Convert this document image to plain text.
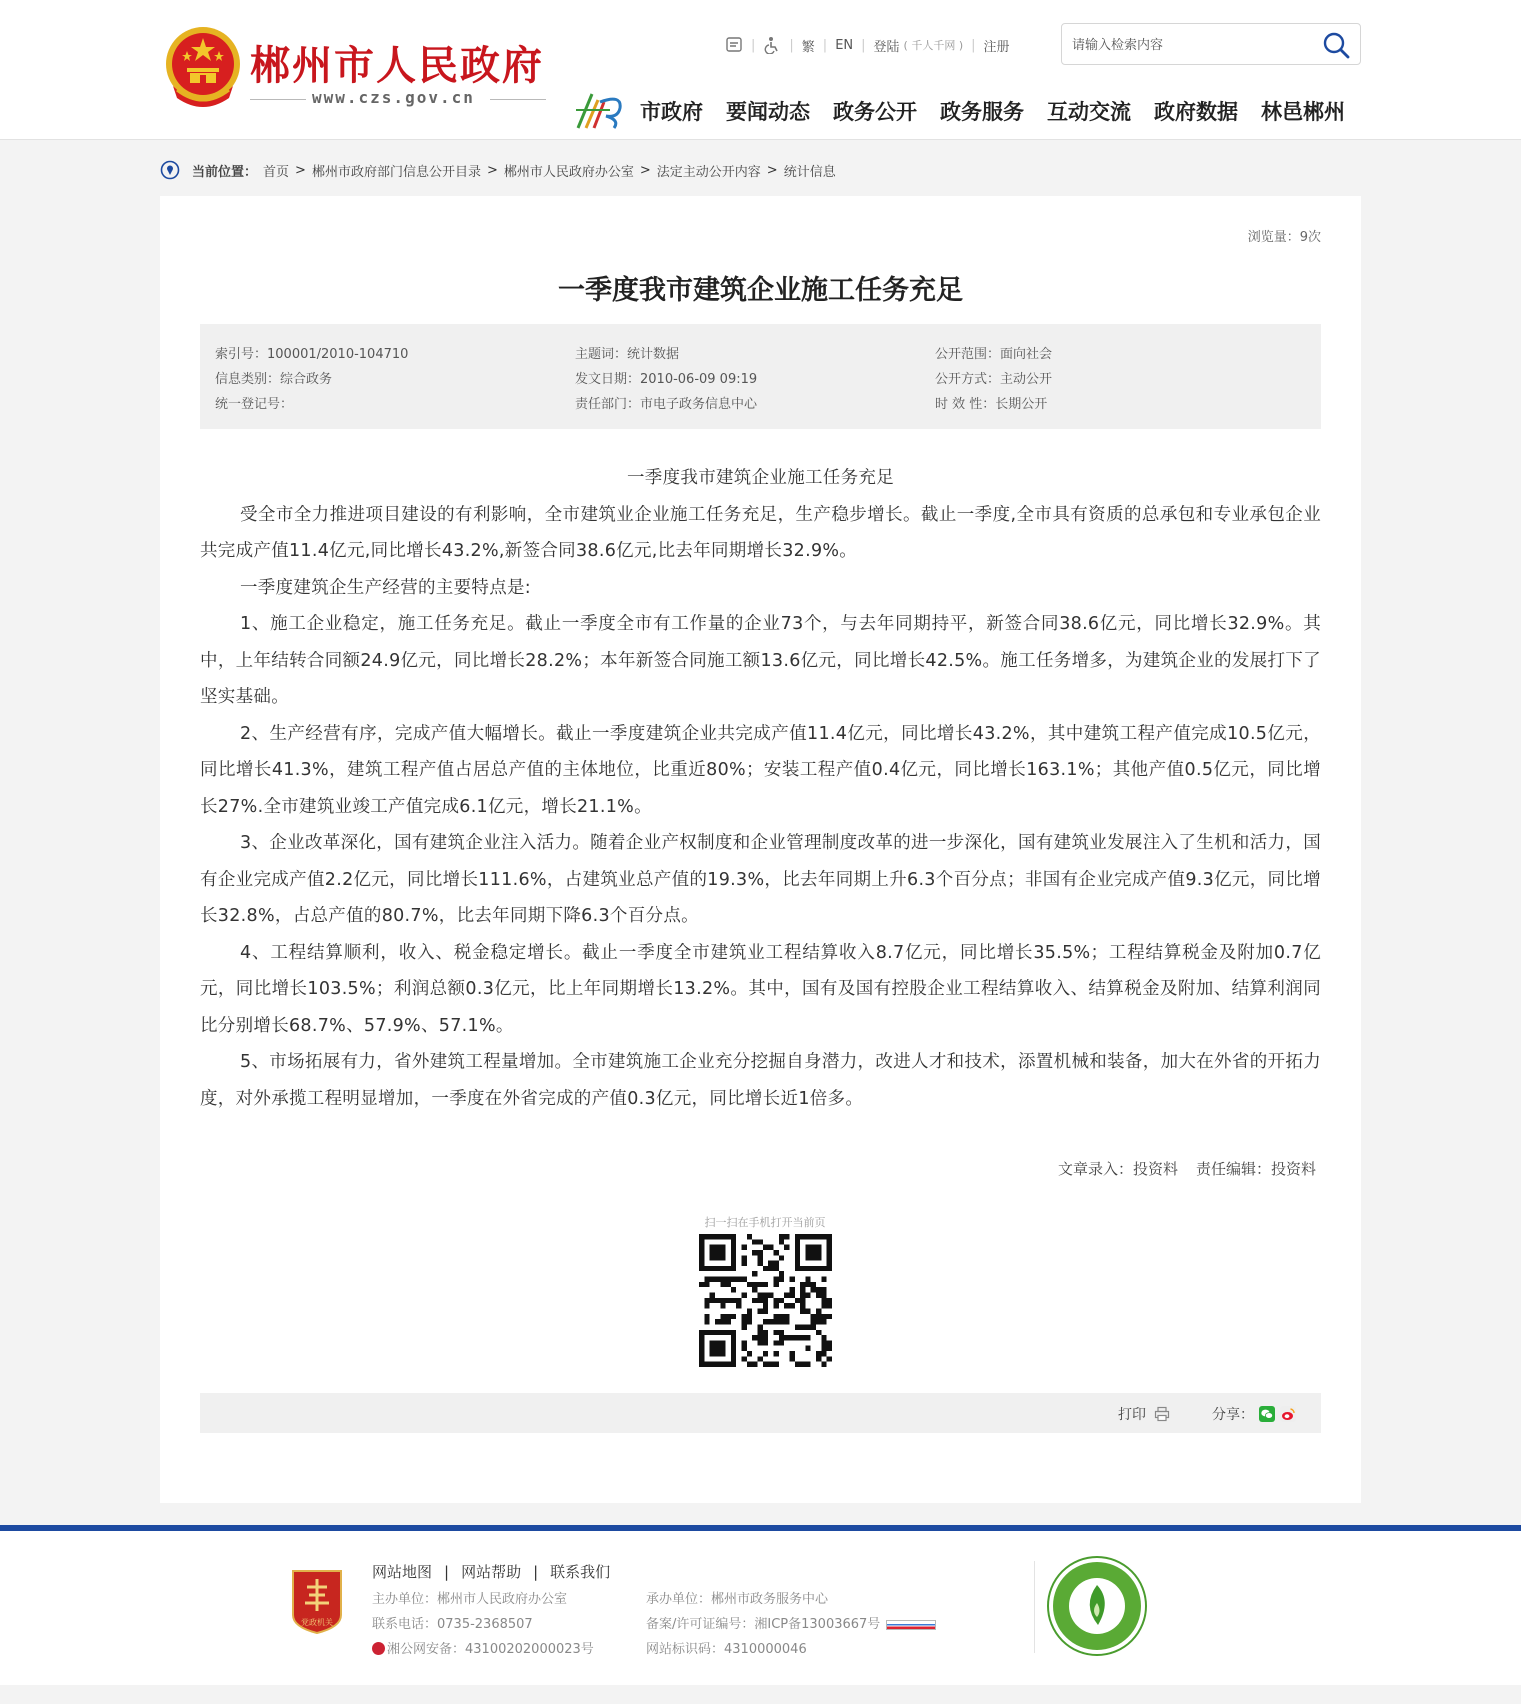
郴州市人民政府
www.czs.gov.cn
|	| 繁 | EN | 登陆 ( 千人千网 ) | 注册
请输入检索内容
市政府 要闻动态 政务公开 政务服务 互动交流 政府数据 林邑郴州
当前位置： 首页 > 郴州市政府部门信息公开目录 > 郴州市人民政府办公室 > 法定主动公开内容 > 统计信息
浏览量：9次
一季度我市建筑企业施工任务充足
索引号：100001/2010-104710
信息类别：综合政务
统一登记号：
主题词：统计数据
发文日期：2010-06-09 09:19
责任部门：市电子政务信息中心
公开范围：面向社会
公开方式：主动公开
时 效 性：长期公开
一季度我市建筑企业施工任务充足

受全市全力推进项目建设的有利影响，全市建筑业企业施工任务充足，生产稳步增长。截止一季度,全市具有资质的总承包和专业承包企业共完成产值11.4亿元,同比增长43.2%,新签合同38.6亿元,比去年同期增长32.9%。

一季度建筑企生产经营的主要特点是:

1、施工企业稳定，施工任务充足。截止一季度全市有工作量的企业73个，与去年同期持平，新签合同38.6亿元，同比增长32.9%。其中，上年结转合同额24.9亿元，同比增长28.2%；本年新签合同施工额13.6亿元，同比增长42.5%。施工任务增多，为建筑企业的发展打下了坚实基础。

2、生产经营有序，完成产值大幅增长。截止一季度建筑企业共完成产值11.4亿元，同比增长43.2%，其中建筑工程产值完成10.5亿元，同比增长41.3%，建筑工程产值占居总产值的主体地位，比重近80%；安装工程产值0.4亿元，同比增长163.1%；其他产值0.5亿元，同比增长27%.全市建筑业竣工产值完成6.1亿元，增长21.1%。

3、企业改革深化，国有建筑企业注入活力。随着企业产权制度和企业管理制度改革的进一步深化，国有建筑业发展注入了生机和活力，国有企业完成产值2.2亿元，同比增长111.6%，占建筑业总产值的19.3%，比去年同期上升6.3个百分点；非国有企业完成产值9.3亿元，同比增长32.8%，占总产值的80.7%，比去年同期下降6.3个百分点。

4、工程结算顺利，收入、税金稳定增长。截止一季度全市建筑业工程结算收入8.7亿元，同比增长35.5%；工程结算税金及附加0.7亿元，同比增长103.5%；利润总额0.3亿元，比上年同期增长13.2%。其中，国有及国有控股企业工程结算收入、结算税金及附加、结算利润同比分别增长68.7%、57.9%、57.1%。

5、市场拓展有力，省外建筑工程量增加。全市建筑施工企业充分挖掘自身潜力，改进人才和技术，添置机械和装备，加大在外省的开拓力度，对外承揽工程明显增加，一季度在外省完成的产值0.3亿元，同比增长近1倍多。

文章录入：投资料 责任编辑：投资料
扫一扫在手机打开当前页
打印	分享：
党政机关
网站地图 | 网站帮助 | 联系我们
主办单位：郴州市人民政府办公室
联系电话：0735-2368507
湘公网安备：43100202000023号
承办单位：郴州市政务服务中心
备案/许可证编号：湘ICP备13003667号
网站标识码：4310000046
